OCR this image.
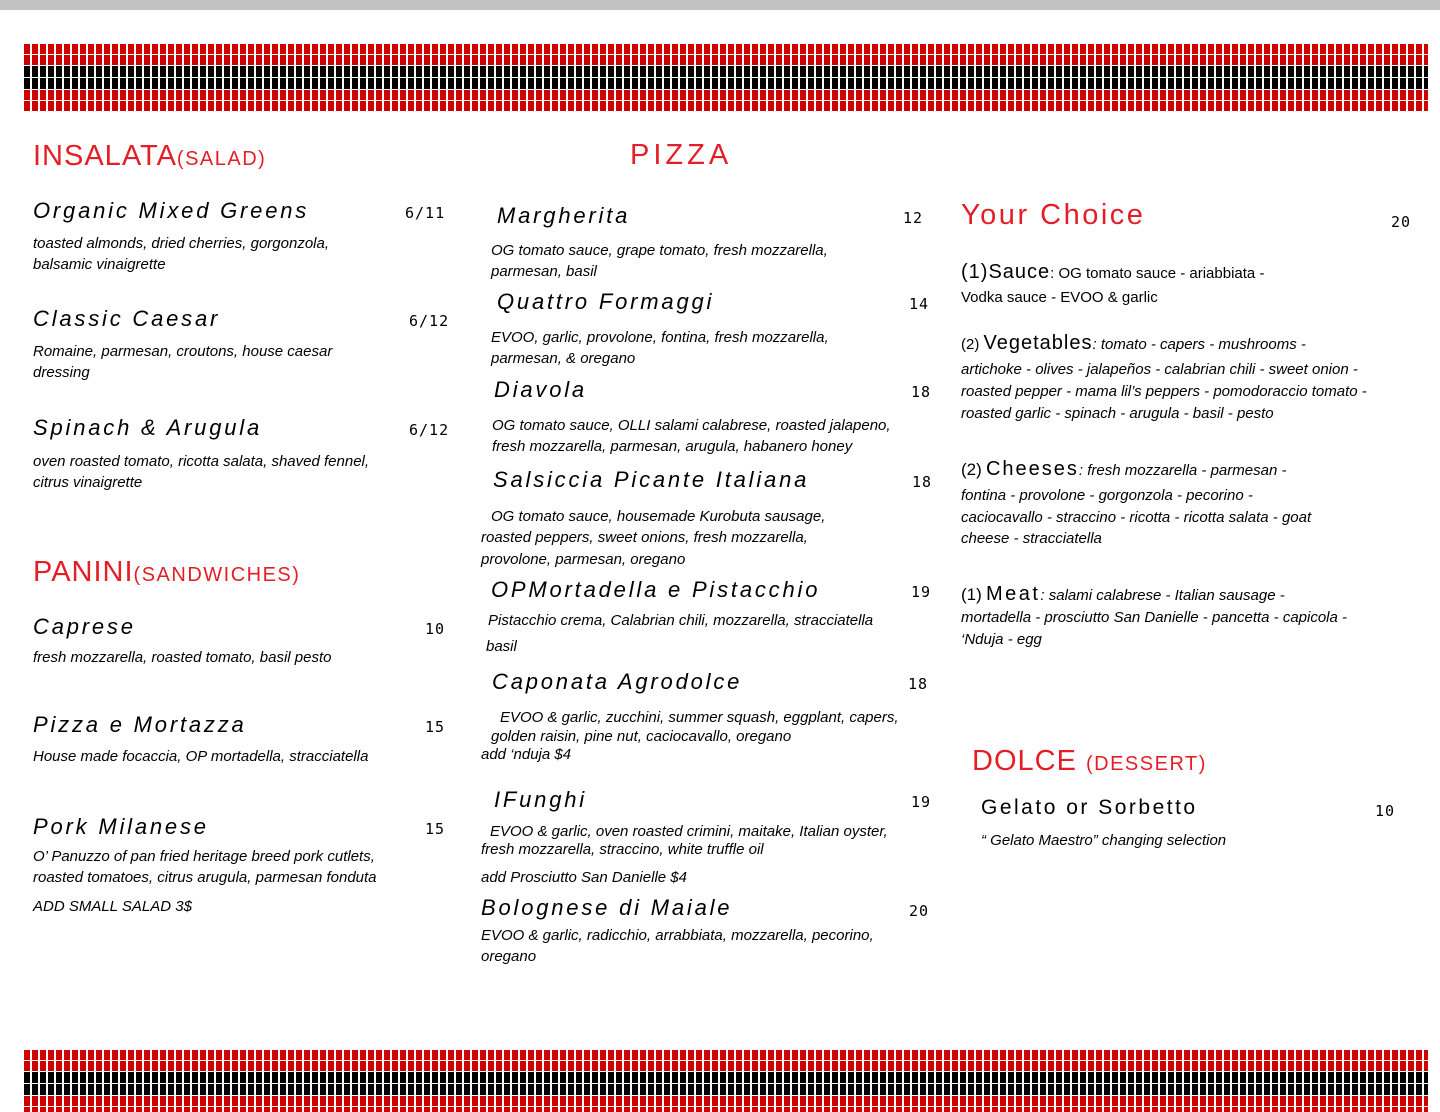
INSALATA(SALAD)
Organic Mixed Greens	6/11
toasted almonds, dried cherries, gorgonzola,
balsamic vinaigrette
Classic Caesar	6/12
Romaine, parmesan, croutons, house caesar
dressing
Spinach & Arugula	6/12
oven roasted tomato, ricotta salata, shaved fennel,
citrus vinaigrette
PANINI(SANDWICHES)
Caprese	10
fresh mozzarella, roasted tomato, basil pesto
Pizza e Mortazza	15
House made focaccia, OP mortadella, stracciatella
Pork Milanese	15
O’ Panuzzo of pan fried heritage breed pork cutlets,
roasted tomatoes, citrus arugula, parmesan fonduta
ADD SMALL SALAD 3$
PIZZA
Margherita	12
OG tomato sauce, grape tomato, fresh mozzarella,
parmesan, basil
Quattro Formaggi	14
EVOO, garlic, provolone, fontina, fresh mozzarella,
parmesan, & oregano
Diavola	18
OG tomato sauce, OLLI salami calabrese, roasted jalapeno,
fresh mozzarella, parmesan, arugula, habanero honey
Salsiccia Picante Italiana	18
OG tomato sauce, housemade Kurobuta sausage,
roasted peppers, sweet onions, fresh mozzarella,
provolone, parmesan, oregano
OPMortadella e Pistacchio	19
Pistacchio crema, Calabrian chili, mozzarella, stracciatella
basil
Caponata Agrodolce	18
EVOO & garlic, zucchini, summer squash, eggplant, capers,
golden raisin, pine nut, caciocavallo, oregano
add ‘nduja $4
IFunghi	19
EVOO & garlic, oven roasted crimini, maitake, Italian oyster,
fresh mozzarella, straccino, white truffle oil
add Prosciutto San Danielle $4
Bolognese di Maiale	20
EVOO & garlic, radicchio, arrabbiata, mozzarella, pecorino,
oregano
Your Choice	20
(1)Sauce: OG tomato sauce - ariabbiata -
Vodka sauce - EVOO & garlic
(2) Vegetables: tomato - capers - mushrooms -
artichoke - olives - jalapeños - calabrian chili - sweet onion -
roasted pepper - mama lil’s peppers - pomodoraccio tomato -
roasted garlic - spinach - arugula - basil - pesto
(2) Cheeses: fresh mozzarella - parmesan -
fontina - provolone - gorgonzola - pecorino -
caciocavallo - straccino - ricotta - ricotta salata - goat
cheese - stracciatella
(1) Meat: salami calabrese - Italian sausage -
mortadella - prosciutto San Danielle - pancetta - capicola -
‘Nduja - egg
DOLCE (DESSERT)
Gelato or Sorbetto	10
“ Gelato Maestro” changing selection
